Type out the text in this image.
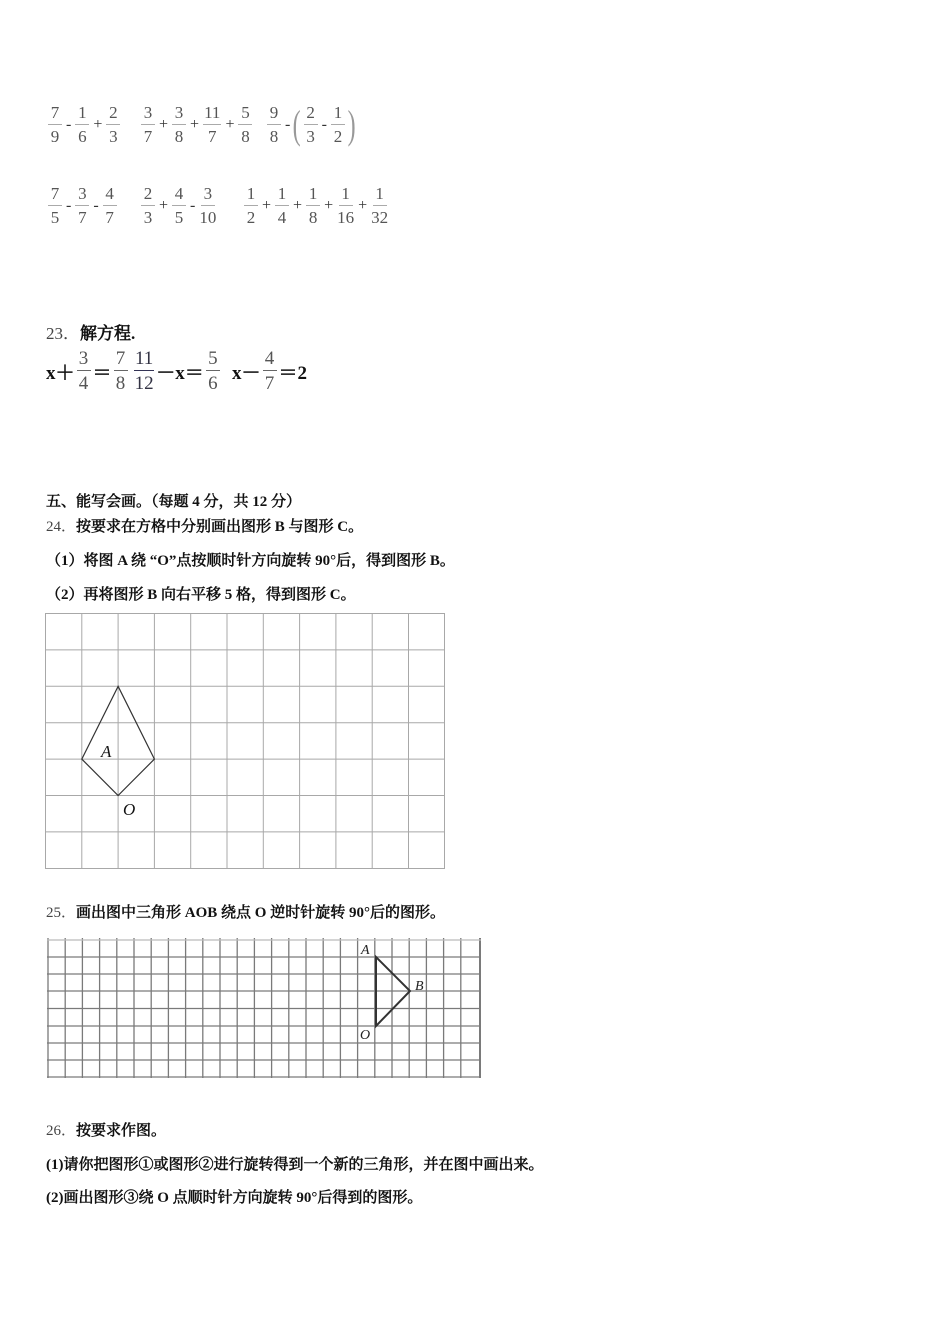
$\frac{7}{9} - \frac{1}{6} + \frac{2}{3} \frac{3}{7} + \frac{3}{8} + \frac{11}{7} + \frac{5}{8} \frac{9}{8}$ - ( $\frac{2}{3} - \frac{1}{2}$ )
$\frac{7}{5} - \frac{3}{7} - \frac{4}{7} \frac{2}{3} + \frac{4}{5} - \frac{3}{10} \frac{1}{2} + \frac{1}{4} + \frac{1}{8} + \frac{1}{16} + \frac{1}{32}$
23．解方程.
$x+ \frac{3}{4} = \frac{7}{8} \frac{11}{12} -x= \frac{5}{6} x- \frac{4}{7} =2$
五、能写会画。（每题 4 分，共 12 分）
24．按要求在方格中分别画出图形 B 与图形 C。
（1）将图 A 绕 “O”点按顺时针方向旋转 90°后，得到图形 B。
（2）再将图形 B 向右平移 5 格，得到图形 C。
A
O
25．画出图中三角形 AOB 绕点 O 逆时针旋转 90°后的图形。
A
B
O
26．按要求作图。
(1)请你把图形①或图形②进行旋转得到一个新的三角形，并在图中画出来。
(2)画出图形③绕 O 点顺时针方向旋转 90°后得到的图形。
